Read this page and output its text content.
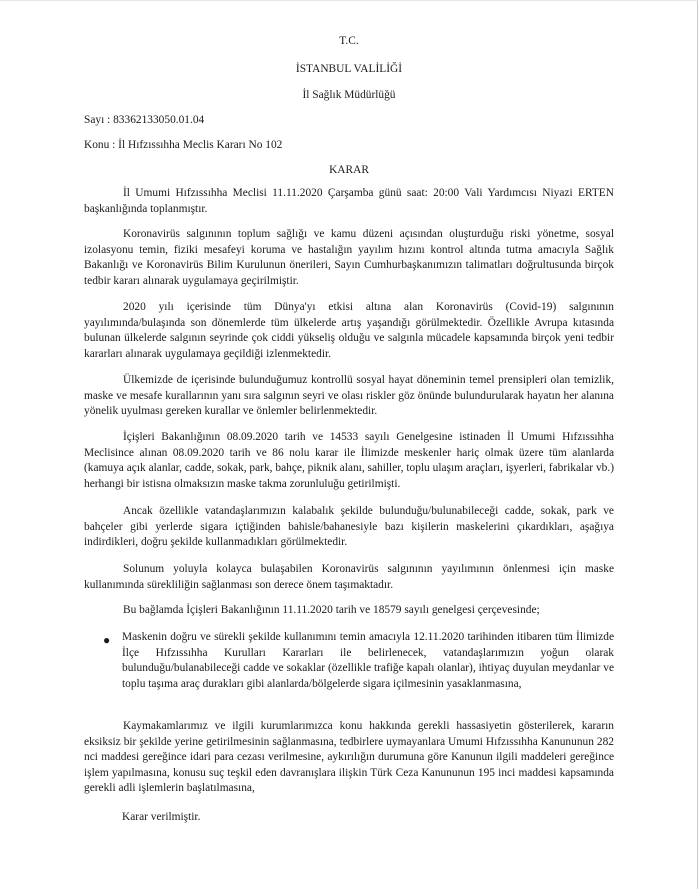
T.C.
İSTANBUL VALİLİĞİ
İl Sağlık Müdürlüğü
Sayı : 83362133050.01.04
Konu : İl Hıfzıssıhha Meclis Kararı No 102
KARAR
İl Umumi Hıfzıssıhha Meclisi 11.11.2020 Çarşamba günü saat: 20:00 Vali Yardımcısı Niyazi ERTEN başkanlığında toplanmıştır.
Koronavirüs salgınının toplum sağlığı ve kamu düzeni açısından oluşturduğu riski yönetme, sosyal izolasyonu temin, fiziki mesafeyi koruma ve hastalığın yayılım hızını kontrol altında tutma amacıyla Sağlık Bakanlığı ve Koronavirüs Bilim Kurulunun önerileri, Sayın Cumhurbaşkanımızın talimatları doğrultusunda birçok tedbir kararı alınarak uygulamaya geçirilmiştir.
2020 yılı içerisinde tüm Dünya'yı etkisi altına alan Koronavirüs (Covid-19) salgınının yayılımında/bulaşında son dönemlerde tüm ülkelerde artış yaşandığı görülmektedir. Özellikle Avrupa kıtasında bulunan ülkelerde salgının seyrinde çok ciddi yükseliş olduğu ve salgınla mücadele kapsamında birçok yeni tedbir kararları alınarak uygulamaya geçildiği izlenmektedir.
Ülkemizde de içerisinde bulunduğumuz kontrollü sosyal hayat döneminin temel prensipleri olan temizlik, maske ve mesafe kurallarının yanı sıra salgının seyri ve olası riskler göz önünde bulundurularak hayatın her alanına yönelik uyulması gereken kurallar ve önlemler belirlenmektedir.
İçişleri Bakanlığının 08.09.2020 tarih ve 14533 sayılı Genelgesine istinaden İl Umumi Hıfzıssıhha Meclisince alınan 08.09.2020 tarih ve 86 nolu karar ile İlimizde meskenler hariç olmak üzere tüm alanlarda (kamuya açık alanlar, cadde, sokak, park, bahçe, piknik alanı, sahiller, toplu ulaşım araçları, işyerleri, fabrikalar vb.) herhangi bir istisna olmaksızın maske takma zorunluluğu getirilmişti.
Ancak özellikle vatandaşlarımızın kalabalık şekilde bulunduğu/bulunabileceği cadde, sokak, park ve bahçeler gibi yerlerde sigara içtiğinden bahisle/bahanesiyle bazı kişilerin maskelerini çıkardıkları, aşağıya indirdikleri, doğru şekilde kullanmadıkları görülmektedir.
Solunum yoluyla kolayca bulaşabilen Koronavirüs salgınının yayılımının önlenmesi için maske kullanımında sürekliliğin sağlanması son derece önem taşımaktadır.
Bu bağlamda İçişleri Bakanlığının 11.11.2020 tarih ve 18579 sayılı genelgesi çerçevesinde;
● Maskenin doğru ve sürekli şekilde kullanımını temin amacıyla 12.11.2020 tarihinden itibaren tüm İlimizde İlçe Hıfzıssıhha Kurulları Kararları ile belirlenecek, vatandaşlarımızın yoğun olarak bulunduğu/bulanabileceği cadde ve sokaklar (özellikle trafiğe kapalı olanlar), ihtiyaç duyulan meydanlar ve toplu taşıma araç durakları gibi alanlarda/bölgelerde sigara içilmesinin yasaklanmasına,
Kaymakamlarımız ve ilgili kurumlarımızca konu hakkında gerekli hassasiyetin gösterilerek, kararın eksiksiz bir şekilde yerine getirilmesinin sağlanmasına, tedbirlere uymayanlara Umumi Hıfzıssıhha Kanununun 282 nci maddesi gereğince idari para cezası verilmesine, aykırılığın durumuna göre Kanunun ilgili maddeleri gereğince işlem yapılmasına, konusu suç teşkil eden davranışlara ilişkin Türk Ceza Kanununun 195 inci maddesi kapsamında gerekli adli işlemlerin başlatılmasına,
Karar verilmiştir.
